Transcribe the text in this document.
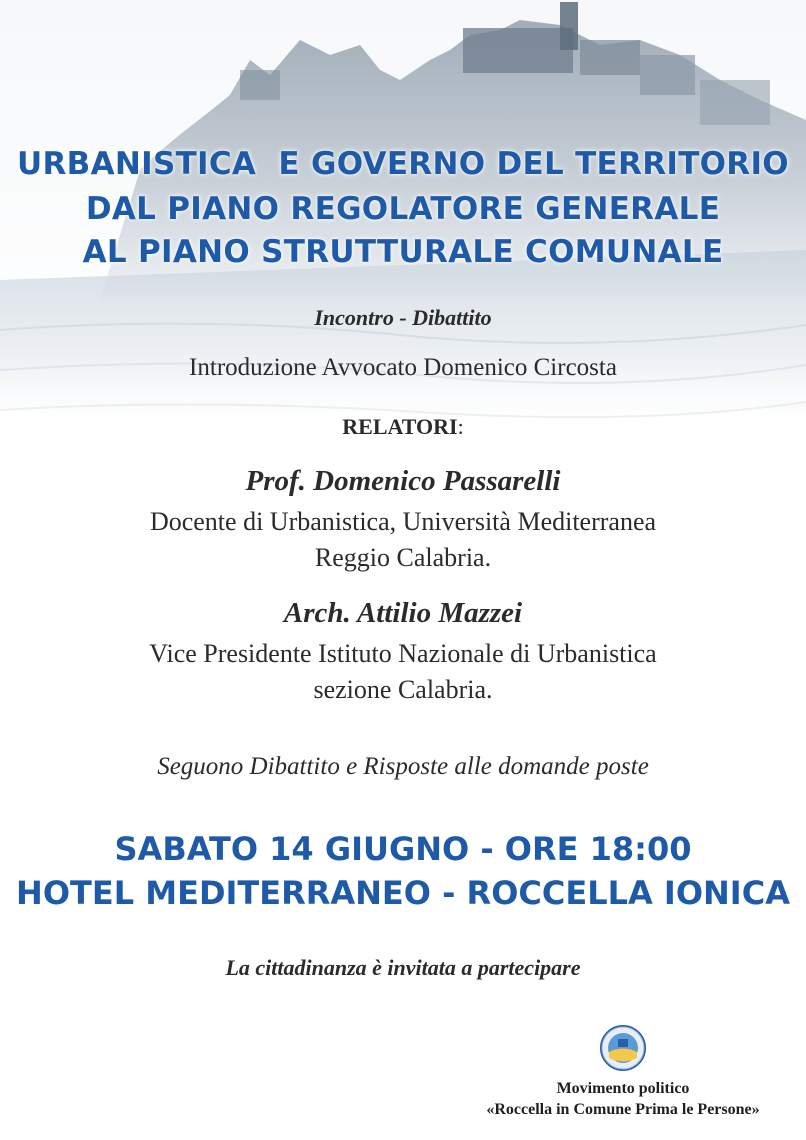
URBANISTICA  E GOVERNO DEL TERRITORIO
DAL PIANO REGOLATORE GENERALE
AL PIANO STRUTTURALE COMUNALE
Incontro - Dibattito
Introduzione Avvocato Domenico Circosta
RELATORI:
Prof. Domenico Passarelli
Docente di Urbanistica, Università Mediterranea
Reggio Calabria.
Arch. Attilio Mazzei
Vice Presidente Istituto Nazionale di Urbanistica
sezione Calabria.
Seguono Dibattito e Risposte alle domande poste
SABATO 14 GIUGNO - ORE 18:00
HOTEL MEDITERRANEO - ROCCELLA IONICA
La cittadinanza è invitata a partecipare
Movimento politico
«Roccella in Comune Prima le Persone»
